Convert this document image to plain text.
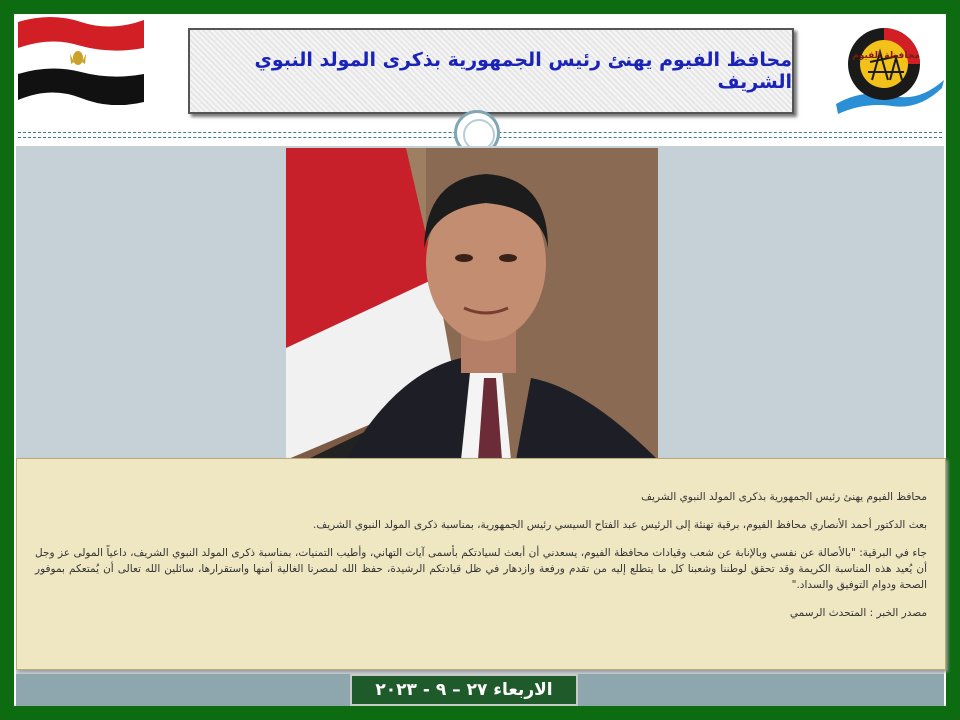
محافظ الفيوم يهنئ رئيس الجمهورية بذكرى المولد النبوي الشريف
محافظة الفيوم

محافظ الفيوم يهنئ رئيس الجمهورية بذكرى المولد النبوي الشريف

بعث الدكتور أحمد الأنصاري محافظ الفيوم، برقية تهنئة إلى الرئيس عبد الفتاح السيسي رئيس الجمهورية، بمناسبة ذكرى المولد النبوي الشريف.

جاء في البرقية: "بالأصالة عن نفسي وبالإنابة عن شعب وقيادات محافظة الفيوم، يسعدني أن أبعث لسيادتكم بأسمى آيات التهاني، وأطيب التمنيات، بمناسبة ذكرى المولد النبوي الشريف، داعياً المولى عز وجل أن يُعيد هذه المناسبة الكريمة وقد تحقق لوطننا وشعبنا كل ما يتطلع إليه من تقدم ورفعة وازدهار في ظل قيادتكم الرشيدة، حفظ الله لمصرنا الغالية أمنها واستقرارها، سائلين الله تعالى أن يُمتعكم بموفور الصحة ودوام التوفيق والسداد."

مصدر الخبر : المتحدث الرسمي

الاربعاء ٢٧ – ٩ - ٢٠٢٣
